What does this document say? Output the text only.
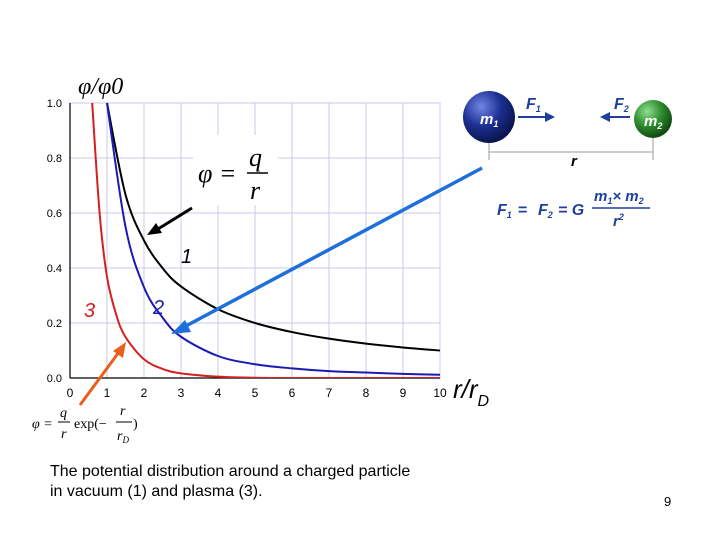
0	1	2	3	4	5	6	7	8	9 10
0.0
0.2
0.4
0.6
0.8
1.0
φ/φ0
$r/r_D$
1
2
3
φ =
q
r
φ =
q
r
exp(−
r
$r_D$
)
$m_1$	$m_2$
F1	F2
r
F1 = F2 = G
$m_1\times m_2$
$r^2$
The potential distribution around a charged particle
in vacuum (1) and plasma (3).
9
